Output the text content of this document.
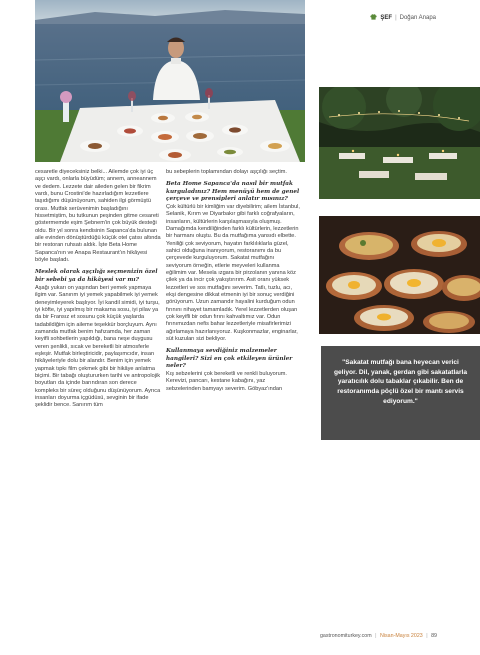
ŞEF | Doğan Anapa

cesaretle diyeceksiniz belki... Ailemde çok iyi üç aşçı vardı, onlarla büyüdüm; annem, anneannem ve dedem. Lezzete dair aileden gelen bir fikrim vardı, bunu Crostini'de hazırladığım lezzetlere taşıdığımı düşünüyorum, sahiden ilgi görmüştü orası. Mutfak serüvenimin başladığını hissetmiştim, bu tutkunun peşinden gitme cesareti göstermemde eşim Şebnem'in çok büyük desteği oldu. Bir yıl sonra kendisinin Sapanca'da bulunan aile evinden dönüştürdüğü küçük otel çatısı altında bir restoran ruhsatı aldık. İşte Beta Home Sapanca'nın ve Anapa Restaurant'ın hikâyesi böyle başladı.

Meslek olarak aşçılığı seçmenizin özel bir sebebi ya da hikâyesi var mı?

Aşağı yukarı on yaşından beri yemek yapmaya ilgim var. Sanırım iyi yemek yapabilmek iyi yemek deneyimleyerek başlıyor. İyi kandil simidi, iyi turşu, iyi köfte, iyi yapılmış bir makarna sosu, iyi pilav ya da bir Fransız et sosunu çok küçük yaşlarda tadabildiğim için aileme teşekkür borçluyum. Aynı zamanda mutfak benim hafızamda, her zaman keyifli sohbetlerin yapıldığı, bana neşe duygusu veren şenlikli, sıcak ve bereketli bir atmosferle eşleşir. Mutfak birleştiricidir, paylaşımcıdır, insan hikâyeleriyle dolu bir alandır. Benim için yemek yapmak tıpkı film çekmek gibi bir hikâye anlatma biçimi. Bir tabağı oluştururken tarihi ve antropolojik boyutları da içinde barındıran son derece kompleks bir süreç olduğunu düşünüyorum. Ayrıca insanları doyurma içgüdüsü, sevginin bir ifade şeklidir bence. Sanırım tüm

bu sebeplerin toplamından dolayı aşçılığı seçtim.

Beta Home Sapanca'da nasıl bir mutfak kurguladınız? Hem menüyü hem de genel çerçeve ve prensipleri anlatır mısınız?

Çok kültürlü bir kimliğim var diyebilirim; ailem İstanbul, Selanik, Kırım ve Diyarbakır gibi farklı coğrafyaların, insanların, kültürlerin karşılaşmasıyla oluşmuş. Damağımda kendiliğinden farklı kültürlerin, lezzetlerin bir harmanı oluştu. Bu da mutfağıma yansıdı elbette. Yeniliği çok seviyorum, hayatın farklılıklarla güzel, sahici olduğuna inanıyorum, restoranımı da bu çerçevede kurguluyorum. Sakatat mutfağını seviyorum örneğin, etlerie meyveleri kullanma eğilimim var. Mesela ızgara bir pirzolanın yanına köz çilek ya da incir çok yakıştırırım. Asit oranı yüksek lezzetleri ve sos mutfağını severim. Tatlı, tuzlu, acı, ekşi dengesine dikkat etmenin iyi bir sonuç verdiğini görüyorum. Uzun zamandır hayalini kurduğum odun fırınını nihayet tamamladık. Yerel lezzetlerden oluşan çok keyifli bir odun fırını kahvaltımız var. Odun fırınımızdan nefis bahar lezzetleriyle misafirlerimizi ağırlamaya hazırlanıyoruz. Kuşkonmazlar, enginarlar, süt kuzuları sizi bekliyor.

Kullanmaya sevdiğiniz malzemeler hangileri? Sizi en çok etkileyen ürünler neler?

Kış sebzelerini çok bereketli ve renkli buluyorum. Kerevizi, pancarı, kestane kabağını, yaz sebzelerinden bamyayı severim. Göbyaz'ından

"Sakatat mutfağı bana heyecan verici geliyor. Dil, yanak, gerdan gibi sakatatlarla yaratıcılık dolu tabaklar çıkabilir. Ben de restoranımda pöçlü özel bir mantı servis ediyorum."
gastronomiturkey.com | Nisan-Mayıs 2023 | 89
